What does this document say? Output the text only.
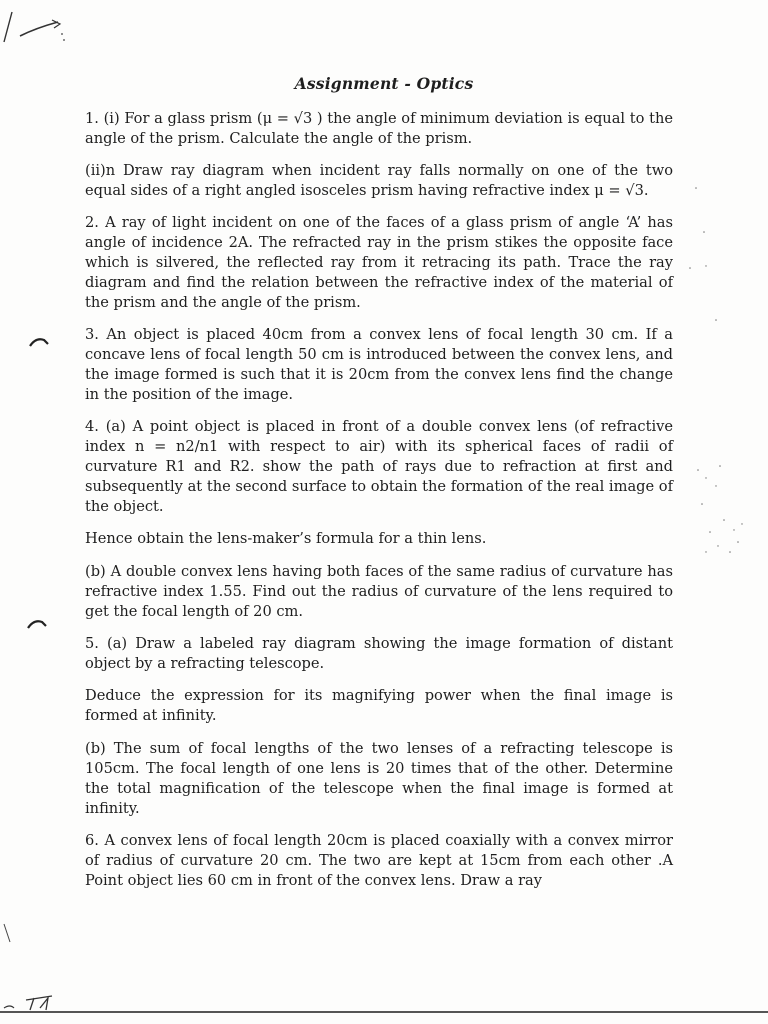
Assignment - Optics

1. (i) For a glass prism (μ = √3 ) the angle of minimum deviation is equal to the angle of the prism. Calculate the angle of the prism.

(ii)n Draw ray diagram when incident ray falls normally on one of the two equal sides of a right angled isosceles prism having refractive index μ = √3.

2. A ray of light incident on one of the faces of a glass prism of angle ‘A’ has angle of incidence 2A. The refracted ray in the prism stikes the opposite face which is silvered, the reflected ray from it retracing its path. Trace the ray diagram and find the relation between the refractive index of the material of the prism and the angle of the prism.

3. An object is placed 40cm from a convex lens of focal length 30 cm. If a concave lens of focal length 50 cm is introduced between the convex lens, and the image formed is such that it is 20cm from the convex lens find the change in the position of the image.

4. (a) A point object is placed in front of a double convex lens (of refractive index n = n2/n1 with respect to air) with its spherical faces of radii of curvature R1 and R2. show the path of rays due to refraction at first and subsequently at the second surface to obtain the formation of the real image of the object.

Hence obtain the lens-maker’s formula for a thin lens.

(b) A double convex lens having both faces of the same radius of curvature has refractive index 1.55. Find out the radius of curvature of the lens required to get the focal length of 20 cm.

5. (a) Draw a labeled ray diagram showing the image formation of distant object by a refracting telescope.

Deduce the expression for its magnifying power when the final image is formed at infinity.

(b) The sum of focal lengths of the two lenses of a refracting telescope is 105cm. The focal length of one lens is 20 times that of the other. Determine the total magnification of the telescope when the final image is formed at infinity.

6. A convex lens of focal length 20cm is placed coaxially with a convex mirror of radius of curvature 20 cm. The two are kept at 15cm from each other .A Point object lies 60 cm in front of the convex lens. Draw a ray
